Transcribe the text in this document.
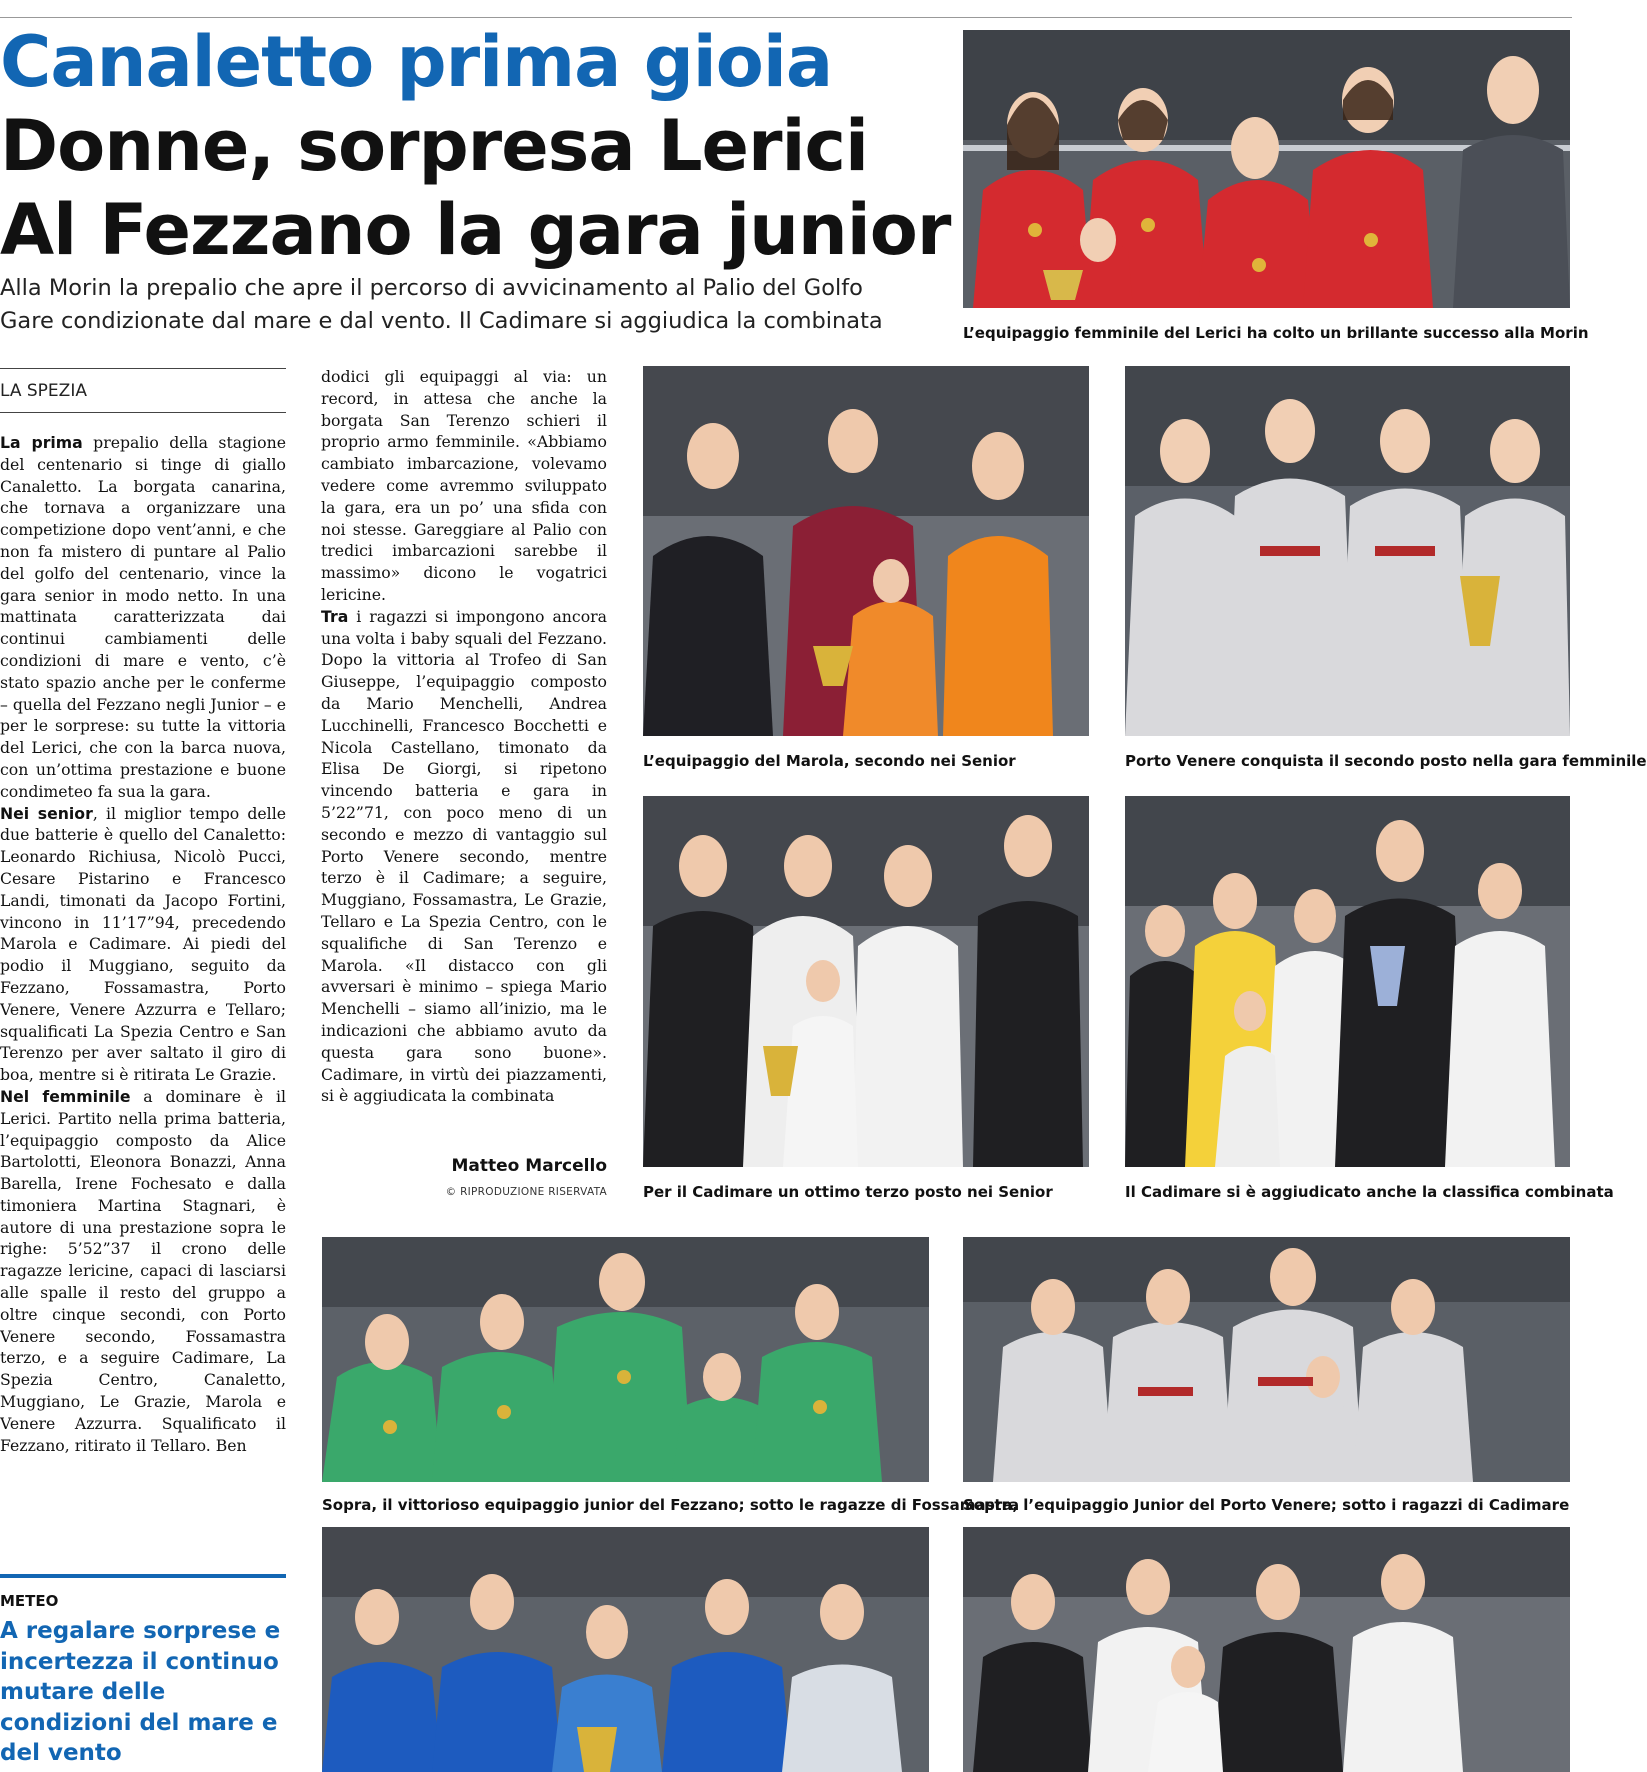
Canaletto prima gioia
Donne, sorpresa Lerici
Al Fezzano la gara junior
Alla Morin la prepalio che apre il percorso di avvicinamento al Palio del Golfo
Gare condizionate dal mare e dal vento. Il Cadimare si aggiudica la combinata	L’equipaggio femminile del Lerici ha colto un brillante successo alla Morin
LA SPEZIA

La prima prepalio della stagione del centenario si tinge di giallo Canaletto. La borgata canarina, che tornava a organizzare una competizione dopo vent’anni, e che non fa mistero di puntare al Palio del golfo del centenario, vince la gara senior in modo netto. In una mattinata caratterizzata dai continui cambiamenti delle condizioni di mare e vento, c’è stato spazio anche per le conferme – quella del Fezzano negli Junior – e per le sorprese: su tutte la vittoria del Lerici, che con la barca nuova, con un’ottima prestazione e buone condimeteo fa sua la gara.

Nei senior, il miglior tempo delle due batterie è quello del Canaletto: Leonardo Richiusa, Nicolò Pucci, Cesare Pistarino e Francesco Landi, timonati da Jacopo Fortini, vincono in 11’17”94, precedendo Marola e Cadimare. Ai piedi del podio il Muggiano, seguito da Fezzano, Fossamastra, Porto Venere, Venere Azzurra e Tellaro; squalificati La Spezia Centro e San Terenzo per aver saltato il giro di boa, mentre si è ritirata Le Grazie.

Nel femminile a dominare è il Lerici. Partito nella prima batteria, l’equipaggio composto da Alice Bartolotti, Eleonora Bonazzi, Anna Barella, Irene Fochesato e dalla timoniera Martina Stagnari, è autore di una prestazione sopra le righe: 5’52”37 il crono delle ragazze lericine, capaci di lasciarsi alle spalle il resto del gruppo a oltre cinque secondi, con Porto Venere secondo, Fossamastra terzo, e a seguire Cadimare, La Spezia Centro, Canaletto, Muggiano, Le Grazie, Marola e Venere Azzurra. Squalificato il Fezzano, ritirato il Tellaro. Ben

dodici gli equipaggi al via: un record, in attesa che anche la borgata San Terenzo schieri il proprio armo femminile. «Abbiamo cambiato imbarcazione, volevamo vedere come avremmo sviluppato la gara, era un po’ una sfida con noi stesse. Gareggiare al Palio con tredici imbarcazioni sarebbe il massimo» dicono le vogatrici lericine.

Tra i ragazzi si impongono ancora una volta i baby squali del Fezzano. Dopo la vittoria al Trofeo di San Giuseppe, l’equipaggio composto da Mario Menchelli, Andrea Lucchinelli, Francesco Bocchetti e Nicola Castellano, timonato da Elisa De Giorgi, si ripetono vincendo batteria e gara in 5’22”71, con poco meno di un secondo e mezzo di vantaggio sul Porto Venere secondo, mentre terzo è il Cadimare; a seguire, Muggiano, Fossamastra, Le Grazie, Tellaro e La Spezia Centro, con le squalifiche di San Terenzo e Marola. «Il distacco con gli avversari è minimo – spiega Mario Menchelli – siamo all’inizio, ma le indicazioni che abbiamo avuto da questa gara sono buone». Cadimare, in virtù dei piazzamenti, si è aggiudicata la combinata

Matteo Marcello
© RIPRODUZIONE RISERVATA
L’equipaggio del Marola, secondo nei Senior	Porto Venere conquista il secondo posto nella gara femminile
Per il Cadimare un ottimo terzo posto nei Senior	Il Cadimare si è aggiudicato anche la classifica combinata
Sopra, il vittorioso equipaggio junior del Fezzano; sotto le ragazze di Fossamastra
Sopra, l’equipaggio Junior del Porto Venere; sotto i ragazzi di Cadimare
METEO
A regalare sorprese e incertezza il continuo mutare delle condizioni del mare e del vento
